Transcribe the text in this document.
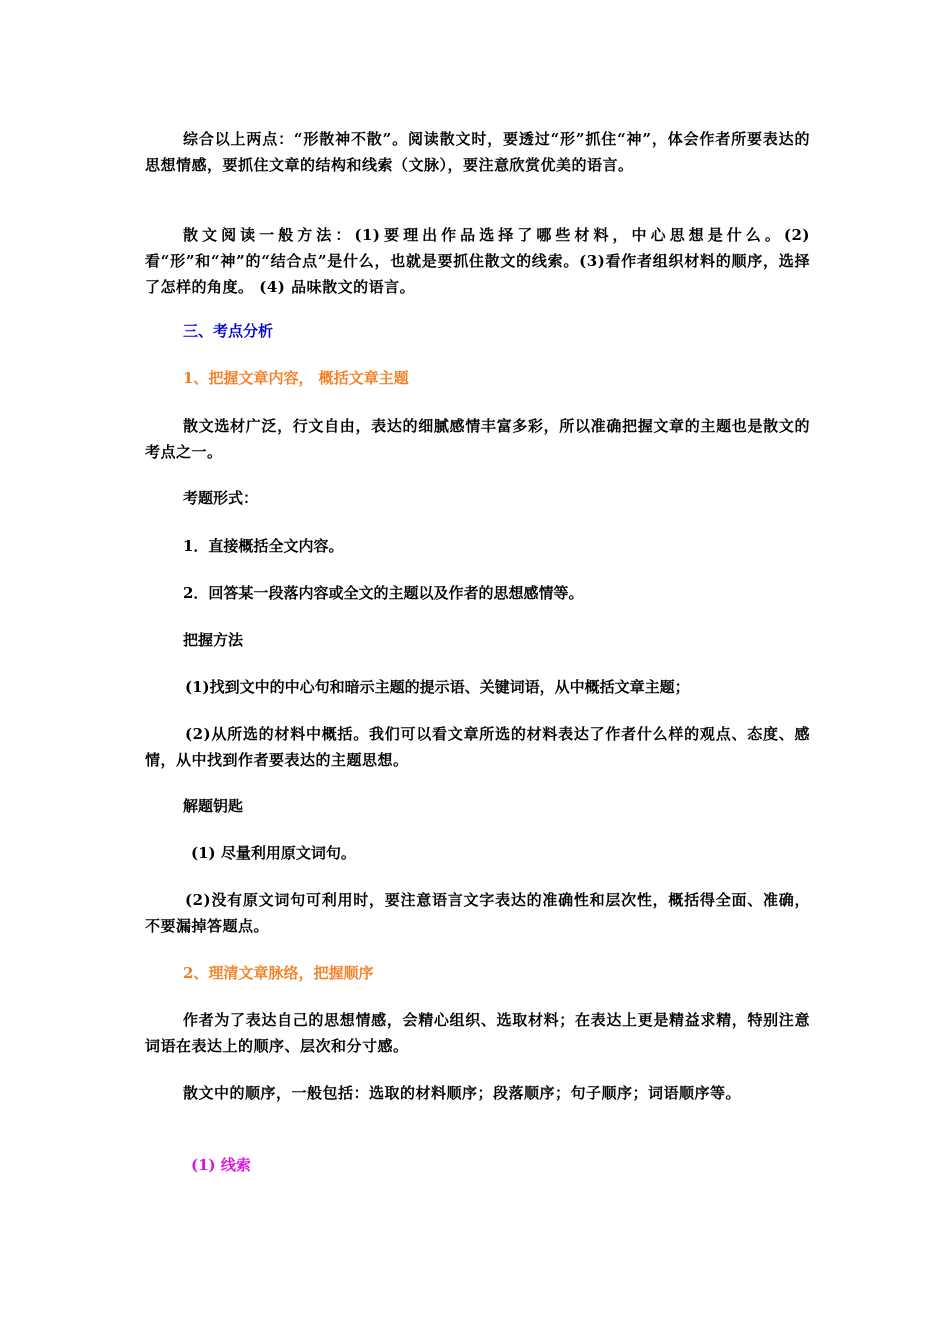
综合以上两点：“形散神不散”。阅读散文时，要透过“形”抓住“神”，体会作者所要表达的思想情感，要抓住文章的结构和线索（文脉），要注意欣赏优美的语言。
散文阅读一般方法：(1)要理出作品选择了哪些材料，中心思想是什么。(2)看“形”和“神”的“结合点”是什么，也就是要抓住散文的线索。(3)看作者组织材料的顺序，选择了怎样的角度。 (4) 品味散文的语言。
三、考点分析
1、把握文章内容， 概括文章主题
散文选材广泛，行文自由，表达的细腻感情丰富多彩，所以准确把握文章的主题也是散文的考点之一。
考题形式：
1．直接概括全文内容。
2．回答某一段落内容或全文的主题以及作者的思想感情等。
把握方法
(1)找到文中的中心句和暗示主题的提示语、关键词语，从中概括文章主题；
(2)从所选的材料中概括。我们可以看文章所选的材料表达了作者什么样的观点、态度、感情，从中找到作者要表达的主题思想。
解题钥匙
(1) 尽量利用原文词句。
(2)没有原文词句可利用时，要注意语言文字表达的准确性和层次性，概括得全面、准确，不要漏掉答题点。
2、理清文章脉络，把握顺序
作者为了表达自己的思想情感，会精心组织、选取材料；在表达上更是精益求精，特别注意词语在表达上的顺序、层次和分寸感。
散文中的顺序，一般包括：选取的材料顺序；段落顺序；句子顺序；词语顺序等。
(1) 线索
